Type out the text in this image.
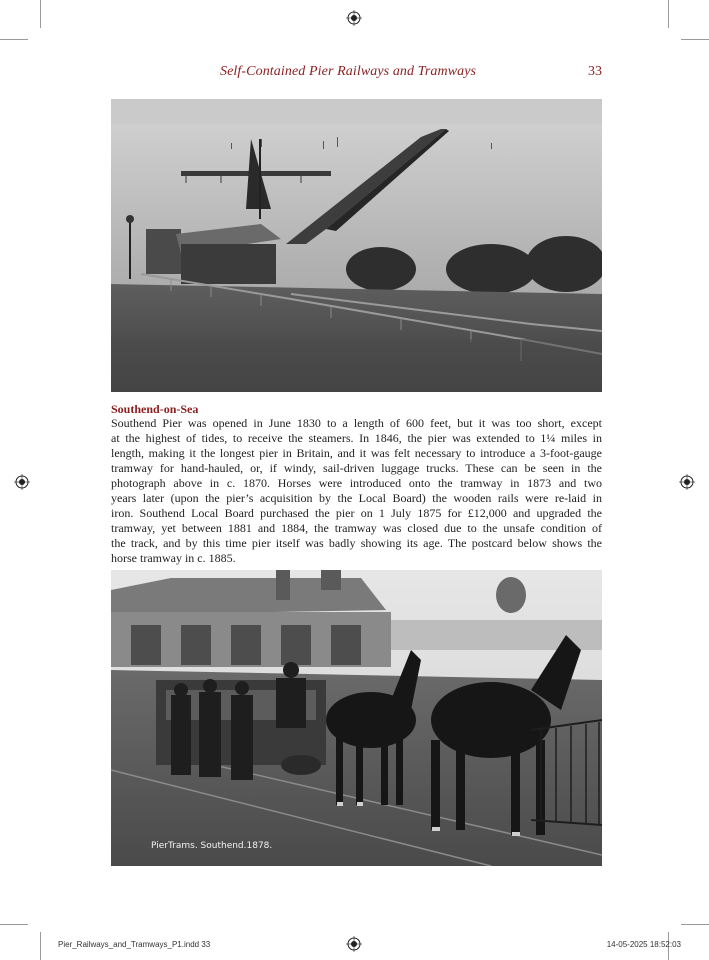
Self-Contained Pier Railways and Tramways	33
Southend-on-Sea
Southend Pier was opened in June 1830 to a length of 600 feet, but it was too short, except
at the highest of tides, to receive the steamers. In 1846, the pier was extended to 1¼ miles in
length, making it the longest pier in Britain, and it was felt necessary to introduce a 3-foot-gauge
tramway for hand-hauled, or, if windy, sail-driven luggage trucks. These can be seen in the
photograph above in c. 1870. Horses were introduced onto the tramway in 1873 and two
years later (upon the pier’s acquisition by the Local Board) the wooden rails were re-laid in
iron. Southend Local Board purchased the pier on 1 July 1875 for £12,000 and upgraded the
tramway, yet between 1881 and 1884, the tramway was closed due to the unsafe condition of
the track, and by this time pier itself was badly showing its age. The postcard below shows the
horse tramway in c. 1885.
PierTrams. Southend.1878.
Pier_Railways_and_Tramways_P1.indd 33	14-05-2025 18:52:03
